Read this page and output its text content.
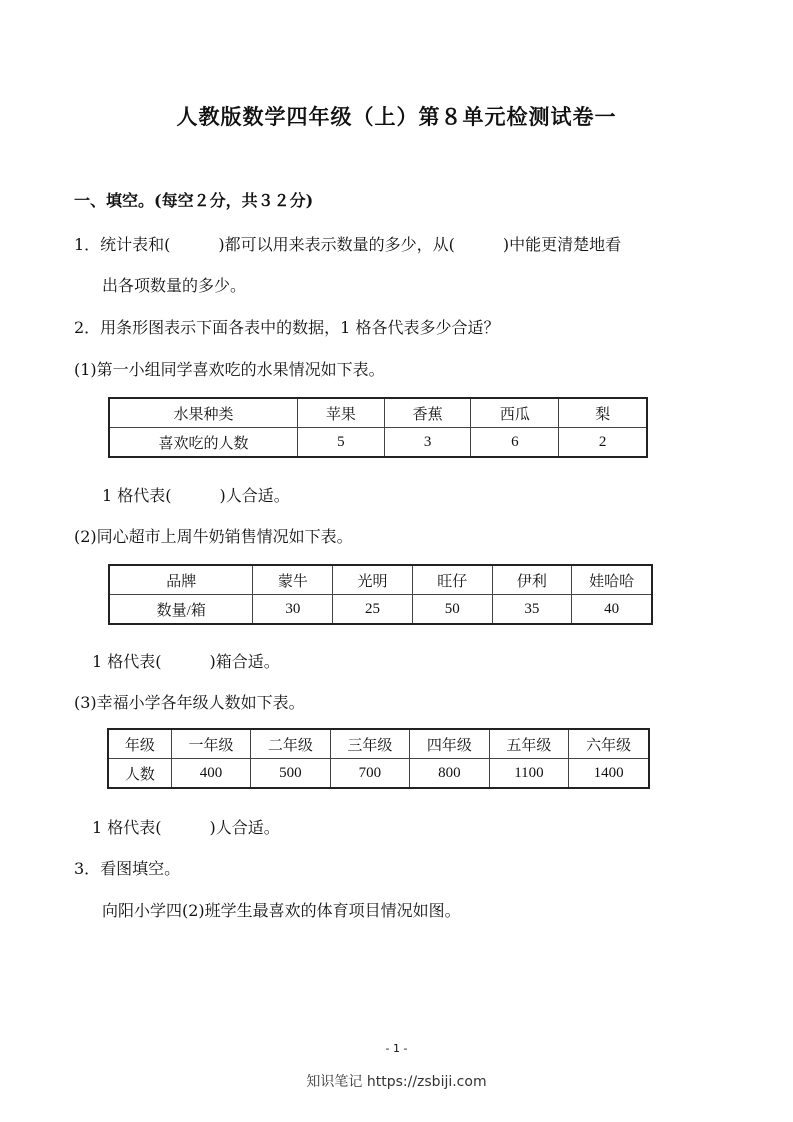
人教版数学四年级（上）第８单元检测试卷一
一、填空。(每空２分，共３２分)
1．统计表和(　　　)都可以用来表示数量的多少，从(　　　)中能更清楚地看
出各项数量的多少。
2．用条形图表示下面各表中的数据，1 格各代表多少合适？
(1)第一小组同学喜欢吃的水果情况如下表。
水果种类	苹果	香蕉	西瓜	梨
喜欢吃的人数	5	3	6	2
1 格代表(　　　)人合适。
(2)同心超市上周牛奶销售情况如下表。
品牌	蒙牛	光明	旺仔	伊利	娃哈哈
数量/箱	30	25	50	35	40
1 格代表(　　　)箱合适。
(3)幸福小学各年级人数如下表。
年级	一年级	二年级	三年级	四年级	五年级	六年级
人数	400	500	700	800	1100	1400
1 格代表(　　　)人合适。
3．看图填空。
向阳小学四(2)班学生最喜欢的体育项目情况如图。
- 1 -
知识笔记 https://zsbiji.com
